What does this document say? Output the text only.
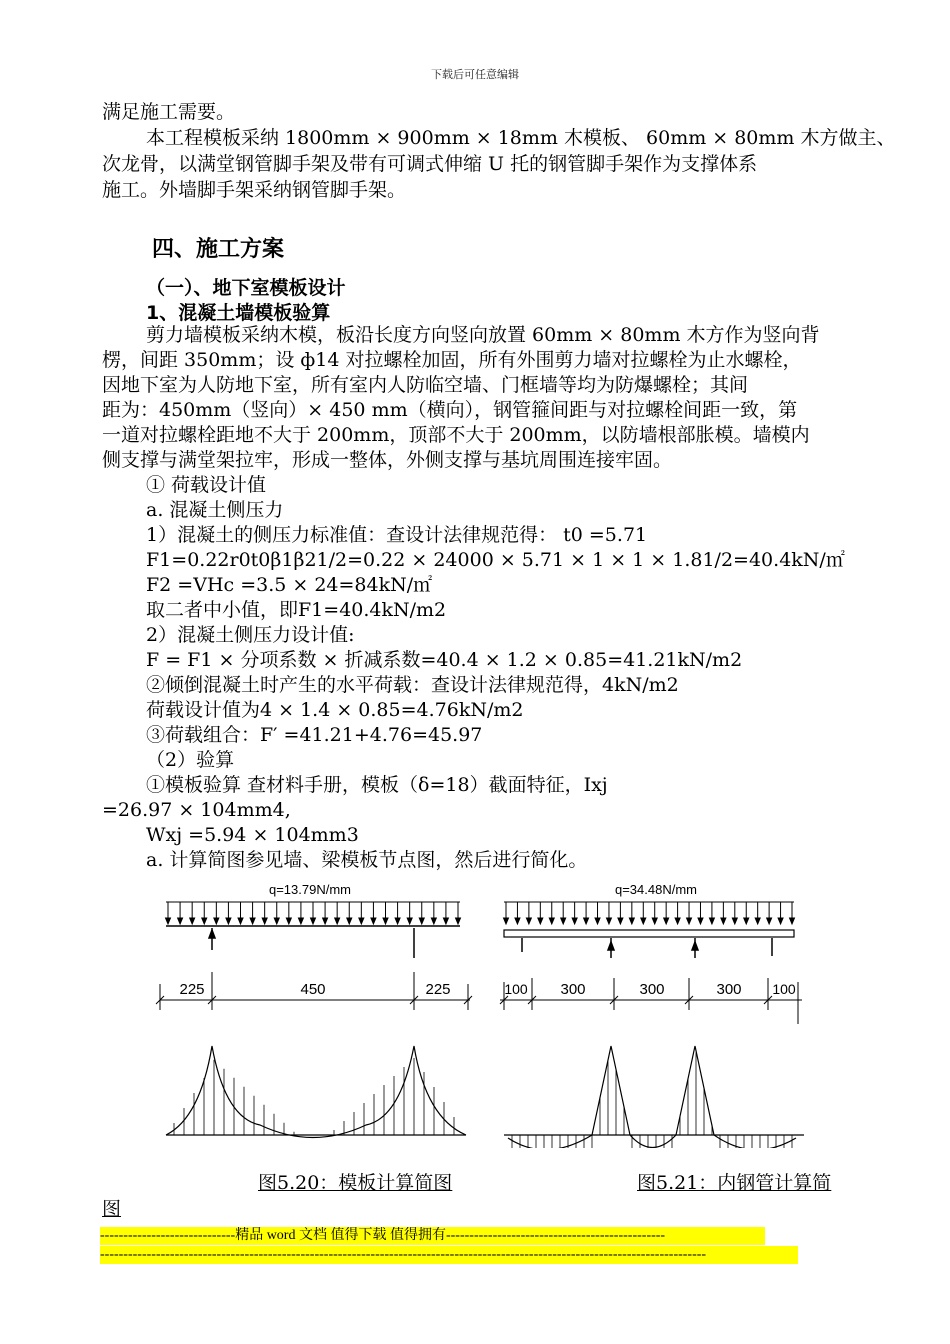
下载后可任意编辑
满足施工需要。
本工程模板采纳 1800mm × 900mm × 18mm 木模板、 60mm × 80mm 木方做主、
次龙骨，以满堂钢管脚手架及带有可调式伸缩 U 托的钢管脚手架作为支撑体系
施工。外墙脚手架采纳钢管脚手架。
四、施工方案
（一）、地下室模板设计
1、混凝土墙模板验算
剪力墙模板采纳木模，板沿长度方向竖向放置 60mm × 80mm 木方作为竖向背
楞，间距 350mm；设 ф14 对拉螺栓加固，所有外围剪力墙对拉螺栓为止水螺栓，
因地下室为人防地下室，所有室内人防临空墙、门框墙等均为防爆螺栓；其间
距为：450mm（竖向）× 450 mm（横向），钢管箍间距与对拉螺栓间距一致，第
一道对拉螺栓距地不大于 200mm，顶部不大于 200mm，以防墙根部胀模。墙模内
侧支撑与满堂架拉牢，形成一整体，外侧支撑与基坑周围连接牢固。
① 荷载设计值
a. 混凝土侧压力
1）混凝土的侧压力标准值：查设计法律规范得： t0 =5.71
F1=0.22r0t0β1β21/2=0.22 × 24000 × 5.71 × 1 × 1 × 1.81/2=40.4kN/㎡
F2 =VHc =3.5 × 24=84kN/㎡
取二者中小值，即F1=40.4kN/m2
2）混凝土侧压力设计值:
F = F1 × 分项系数 × 折减系数=40.4 × 1.2 × 0.85=41.21kN/m2
②倾倒混凝土时产生的水平荷载：查设计法律规范得，4kN/m2
荷载设计值为4 × 1.4 × 0.85=4.76kN/m2
③荷载组合：F′ =41.21+4.76=45.97
（2）验算
①模板验算 查材料手册，模板（δ=18）截面特征，Ixj
=26.97 × 104mm4,
Wxj =5.94 × 104mm3
a. 计算简图参见墙、梁模板节点图，然后进行简化。
q=13.79N/mm
225	450	225
q=34.48N/mm
100 300	300	300 100
图5.20：模板计算简图	图5.21：内钢管计算简
图
-----------------------------精品 word 文档 值得下载 值得拥有-----------------------------------------------
----------------------------------------------------------------------------------------------------------------------------------
